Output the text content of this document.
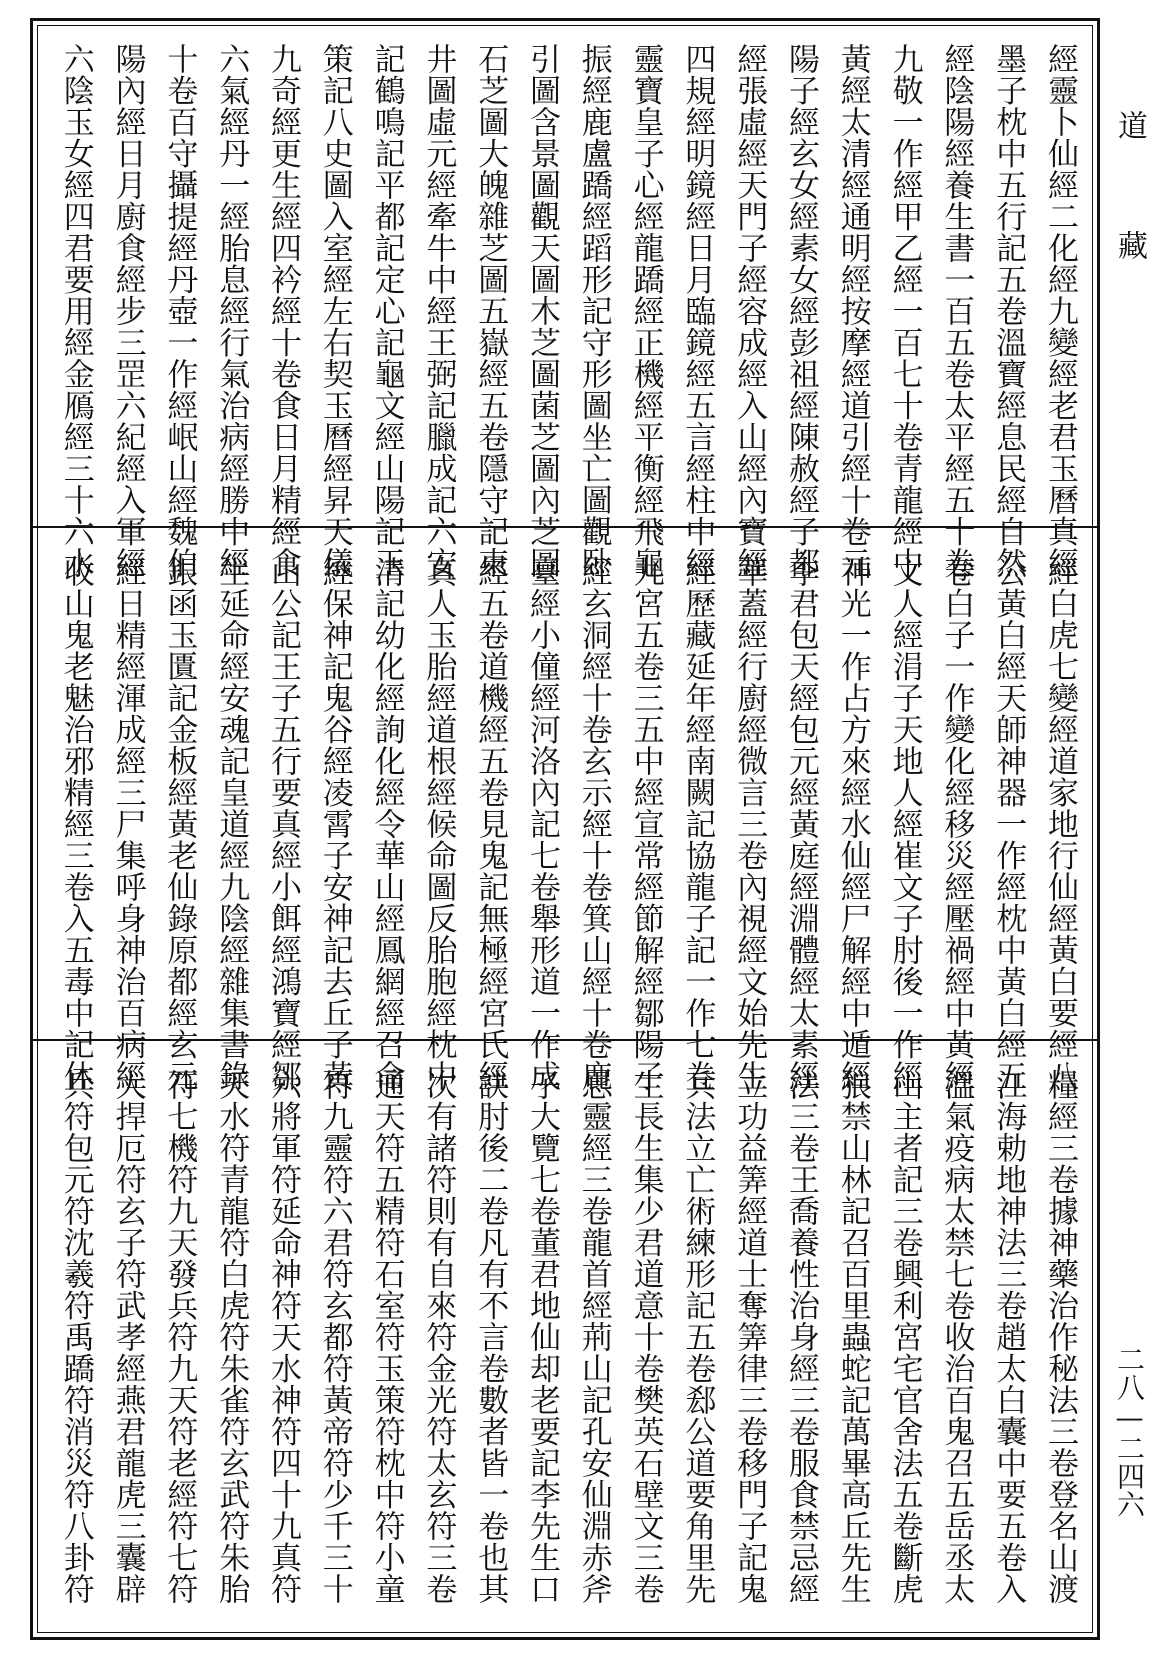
經靈卜仙經二化經九變經老君玉曆真經
墨子枕中五行記五卷溫寶經息民經自然
經陰陽經養生書一百五卷太平經五十卷
九敬一作經甲乙經一百七十卷青龍經中
黃經太清經通明經按摩經道引經十卷元
陽子經玄女經素女經彭祖經陳赦經子都
經張虛經天門子經容成經入山經內寶經
四規經明鏡經日月臨鏡經五言經柱中經
靈寶皇子心經龍蹻經正機經平衡經飛龜
振經鹿盧蹻經蹈形記守形圖坐亡圖觀卧
引圖含景圖觀天圖木芝圖菌芝圖內芝圖
石芝圖大魄雜芝圖五嶽經五卷隱守記東
井圖虛元經牽牛中經王弼記臘成記六安
記鶴鳴記平都記定心記龜文經山陽記玉
策記八史圖入室經左右契玉曆經昇天儀
九奇經更生經四衿經十卷食日月精經食
六氣經丹一經胎息經行氣治病經勝中經
十卷百守攝提經丹壺一作經岷山經魏伯
陽內經日月廚食經步三罡六紀經入軍經
六陰玉女經四君要用經金鴈經三十六水
經白虎七變經道家地行仙經黃白要經八
公黃白經天師神器一作經枕中黃白經五
卷白子一作變化經移災經壓禍經中黃經
文人經涓子天地人經崔文子肘後一作經
神光一作占方來經水仙經尸解經中遁經
李君包天經包元經黃庭經淵體經太素經
華蓋經行廚經微言三卷內視經文始先生
經歷藏延年經南闕記協龍子記一作七卷
九宮五卷三五中經宣常經節解經鄒陽子
經玄洞經十卷玄示經十卷箕山經十卷鹿
臺經小僮經河洛內記七卷舉形道一作成
經五卷道機經五卷見鬼記無極經宮氏經
真人玉胎經道根經候命圖反胎胞經枕中
清記幼化經詢化經令華山經鳳網經召命
經保神記鬼谷經凌霄子安神記去丘子黃
山公記王子五行要真經小餌經鴻寶經鄒
生延命經安魂記皇道經九陰經雜集書錄
銀函玉匱記金板經黃老仙錄原都經玄元
經日精經渾成經三尸集呼身神治百病經
收山鬼老魅治邪精經三卷入五毒中記休
糧經三卷據神藥治作秘法三卷登名山渡
江海勅地神法三卷趙太白囊中要五卷入
溫氣疫病太禁七卷收治百鬼召五岳丞太
山主者記三卷興利宮宅官舍法五卷斷虎
狼禁山林記召百里蟲蛇記萬畢高丘先生
法三卷王喬養性治身經三卷服食禁忌經
立功益筭經道士奪筭律三卷移門子記鬼
兵法立亡術練形記五卷郄公道要角里先
生長生集少君道意十卷樊英石壁文三卷
思靈經三卷龍首經荊山記孔安仙淵赤斧
子大覽七卷董君地仙却老要記李先生口
訣肘後二卷凡有不言卷數者皆一卷也其
次有諸符則有自來符金光符太玄符三卷
通天符五精符石室符玉策符枕中符小童
符九靈符六君符玄都符黃帝符少千三十
六將軍符延命神符天水神符四十九真符
天水符青龍符白虎符朱雀符玄武符朱胎
符七機符九天發兵符九天符老經符七符
大捍厄符玄子符武孝經燕君龍虎三囊辟
兵符包元符沈羲符禹蹻符消災符八卦符
道　藏
二八—二四六
